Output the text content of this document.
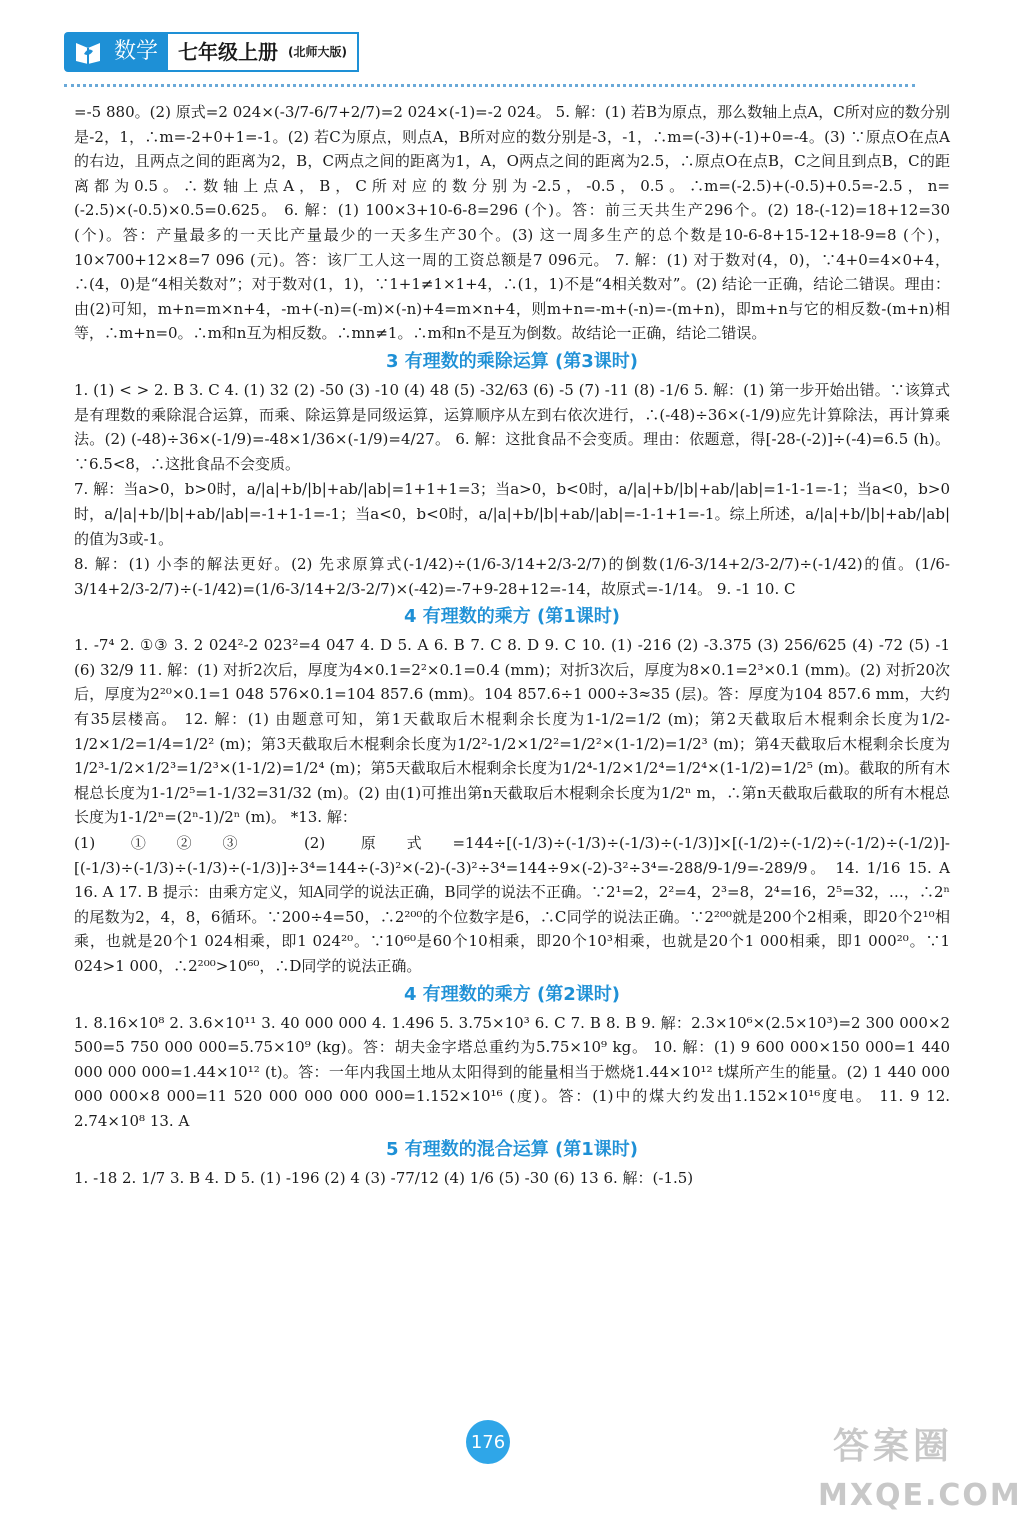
数学	七年级上册 (北师大版)

=-5 880。(2) 原式=2 024×(-3/7-6/7+2/7)=2 024×(-1)=-2 024。 5. 解：(1) 若B为原点，那么数轴上点A，C所对应的数分别是-2，1，∴m=-2+0+1=-1。(2) 若C为原点，则点A，B所对应的数分别是-3，-1，∴m=(-3)+(-1)+0=-4。(3) ∵原点O在点A的右边，且两点之间的距离为2，B，C两点之间的距离为1，A，O两点之间的距离为2.5，∴原点O在点B，C之间且到点B，C的距离都为0.5。∴数轴上点A，B，C所对应的数分别为-2.5，-0.5，0.5。∴m=(-2.5)+(-0.5)+0.5=-2.5，n=(-2.5)×(-0.5)×0.5=0.625。 6. 解：(1) 100×3+10-6-8=296 (个)。答：前三天共生产296个。(2) 18-(-12)=18+12=30 (个)。答：产量最多的一天比产量最少的一天多生产30个。(3) 这一周多生产的总个数是10-6-8+15-12+18-9=8 (个)，10×700+12×8=7 096 (元)。答：该厂工人这一周的工资总额是7 096元。 7. 解：(1) 对于数对(4，0)，∵4+0=4×0+4，∴(4，0)是“4相关数对”；对于数对(1，1)，∵1+1≠1×1+4，∴(1，1)不是“4相关数对”。(2) 结论一正确，结论二错误。理由：由(2)可知，m+n=m×n+4，-m+(-n)=(-m)×(-n)+4=m×n+4，则m+n=-m+(-n)=-(m+n)，即m+n与它的相反数-(m+n)相等，∴m+n=0。∴m和n互为相反数。∴mn≠1。∴m和n不是互为倒数。故结论一正确，结论二错误。

3 有理数的乘除运算 (第3课时)

1. (1) < > 2. B 3. C 4. (1) 32 (2) -50 (3) -10 (4) 48 (5) -32/63 (6) -5 (7) -11 (8) -1/6 5. 解：(1) 第一步开始出错。∵该算式是有理数的乘除混合运算，而乘、除运算是同级运算，运算顺序从左到右依次进行，∴(-48)÷36×(-1/9)应先计算除法，再计算乘法。(2) (-48)÷36×(-1/9)=-48×1/36×(-1/9)=4/27。 6. 解：这批食品不会变质。理由：依题意，得[-28-(-2)]÷(-4)=6.5 (h)。∵6.5<8，∴这批食品不会变质。

7. 解：当a>0，b>0时，a/|a|+b/|b|+ab/|ab|=1+1+1=3；当a>0，b<0时，a/|a|+b/|b|+ab/|ab|=1-1-1=-1；当a<0，b>0时，a/|a|+b/|b|+ab/|ab|=-1+1-1=-1；当a<0，b<0时，a/|a|+b/|b|+ab/|ab|=-1-1+1=-1。综上所述，a/|a|+b/|b|+ab/|ab|的值为3或-1。

8. 解：(1) 小李的解法更好。(2) 先求原算式(-1/42)÷(1/6-3/14+2/3-2/7)的倒数(1/6-3/14+2/3-2/7)÷(-1/42)的值。(1/6-3/14+2/3-2/7)÷(-1/42)=(1/6-3/14+2/3-2/7)×(-42)=-7+9-28+12=-14，故原式=-1/14。 9. -1 10. C

4 有理数的乘方 (第1课时)

1. -7⁴ 2. ①③ 3. 2 024²-2 023²=4 047 4. D 5. A 6. B 7. C 8. D 9. C 10. (1) -216 (2) -3.375 (3) 256/625 (4) -72 (5) -1 (6) 32/9 11. 解：(1) 对折2次后，厚度为4×0.1=2²×0.1=0.4 (mm)；对折3次后，厚度为8×0.1=2³×0.1 (mm)。(2) 对折20次后，厚度为2²⁰×0.1=1 048 576×0.1=104 857.6 (mm)。104 857.6÷1 000÷3≈35 (层)。答：厚度为104 857.6 mm，大约有35层楼高。 12. 解：(1) 由题意可知，第1天截取后木棍剩余长度为1-1/2=1/2 (m)；第2天截取后木棍剩余长度为1/2-1/2×1/2=1/4=1/2² (m)；第3天截取后木棍剩余长度为1/2²-1/2×1/2²=1/2²×(1-1/2)=1/2³ (m)；第4天截取后木棍剩余长度为1/2³-1/2×1/2³=1/2³×(1-1/2)=1/2⁴ (m)；第5天截取后木棍剩余长度为1/2⁴-1/2×1/2⁴=1/2⁴×(1-1/2)=1/2⁵ (m)。截取的所有木棍总长度为1-1/2⁵=1-1/32=31/32 (m)。(2) 由(1)可推出第n天截取后木棍剩余长度为1/2ⁿ m，∴第n天截取后截取的所有木棍总长度为1-1/2ⁿ=(2ⁿ-1)/2ⁿ (m)。 *13. 解：

(1) ①②③ (2) 原式=144÷[(-1/3)÷(-1/3)÷(-1/3)÷(-1/3)]×[(-1/2)÷(-1/2)÷(-1/2)÷(-1/2)]-[(-1/3)÷(-1/3)÷(-1/3)÷(-1/3)]÷3⁴=144÷(-3)²×(-2)-(-3)²÷3⁴=144÷9×(-2)-3²÷3⁴=-288/9-1/9=-289/9。 14. 1/16 15. A 16. A 17. B 提示：由乘方定义，知A同学的说法正确，B同学的说法不正确。∵2¹=2，2²=4，2³=8，2⁴=16，2⁵=32，…，∴2ⁿ的尾数为2，4，8，6循环。∵200÷4=50，∴2²⁰⁰的个位数字是6，∴C同学的说法正确。∵2²⁰⁰就是200个2相乘，即20个2¹⁰相乘，也就是20个1 024相乘，即1 024²⁰。∵10⁶⁰是60个10相乘，即20个10³相乘，也就是20个1 000相乘，即1 000²⁰。∵1 024>1 000，∴2²⁰⁰>10⁶⁰，∴D同学的说法正确。

4 有理数的乘方 (第2课时)

1. 8.16×10⁸ 2. 3.6×10¹¹ 3. 40 000 000 4. 1.496 5. 3.75×10³ 6. C 7. B 8. B 9. 解：2.3×10⁶×(2.5×10³)=2 300 000×2 500=5 750 000 000=5.75×10⁹ (kg)。答：胡夫金字塔总重约为5.75×10⁹ kg。 10. 解：(1) 9 600 000×150 000=1 440 000 000 000=1.44×10¹² (t)。答：一年内我国土地从太阳得到的能量相当于燃烧1.44×10¹² t煤所产生的能量。(2) 1 440 000 000 000×8 000=11 520 000 000 000 000=1.152×10¹⁶ (度)。答：(1)中的煤大约发出1.152×10¹⁶度电。 11. 9 12. 2.74×10⁸ 13. A

5 有理数的混合运算 (第1课时)

1. -18 2. 1/7 3. B 4. D 5. (1) -196 (2) 4 (3) -77/12 (4) 1/6 (5) -30 (6) 13 6. 解：(-1.5)

176	答案圈
MXQE.COM
